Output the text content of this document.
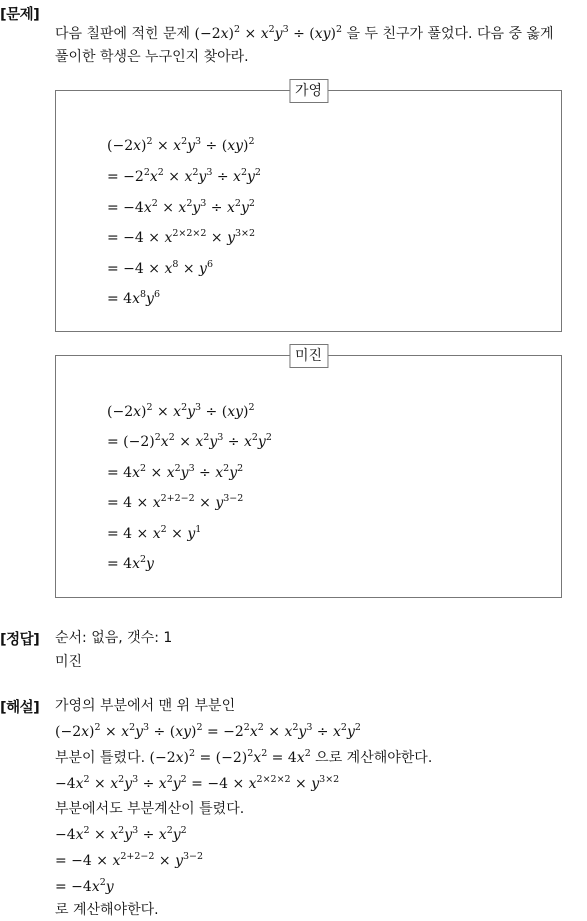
[문제]
다음 칠판에 적힌 문제 $(-2x)^2 \times x^2y^3 \div (xy)^2$ 을 두 친구가 풀었다. 다음 중 옳게
풀이한 학생은 누구인지 찾아라.
가영
$(-2x)^2 \times x^2y^3 \div (xy)^2$
= $-2^2x^2 \times x^2y^3 \div x^2y^2$
= $-4x^2 \times x^2y^3 \div x^2y^2$
= $-4 \times x^{2\times 2\times 2} \times y^{3\times 2}$
= $-4 \times x^8 \times y^6$
= $4x^8y^6$
미진
$(-2x)^2 \times x^2y^3 \div (xy)^2$
= $(-2)^2x^2 \times x^2y^3 \div x^2y^2$
= $4x^2 \times x^2y^3 \div x^2y^2$
= $4 \times x^{2+2-2} \times y^{3-2}$
= $4 \times x^2 \times y^1$
= $4x^2y$
[정답] 순서: 없음, 갯수: 1
미진
[해설] 가영의 부분에서 맨 위 부분인
$(-2x)^2 \times x^2y^3 \div (xy)^2 = -2^2x^2 \times x^2y^3 \div x^2y^2$
부분이 틀렸다. $(-2x)^2 = (-2)^2x^2 = 4x^2$ 으로 계산해야한다.
$-4x^2 \times x^2y^3 \div x^2y^2 = -4 \times x^{2\times 2\times 2} \times y^{3\times 2}$
부분에서도 부분계산이 틀렸다.
$-4x^2 \times x^2y^3 \div x^2y^2$
= $-4 \times x^{2+2-2} \times y^{3-2}$
= $-4x^2y$
로 계산해야한다.
